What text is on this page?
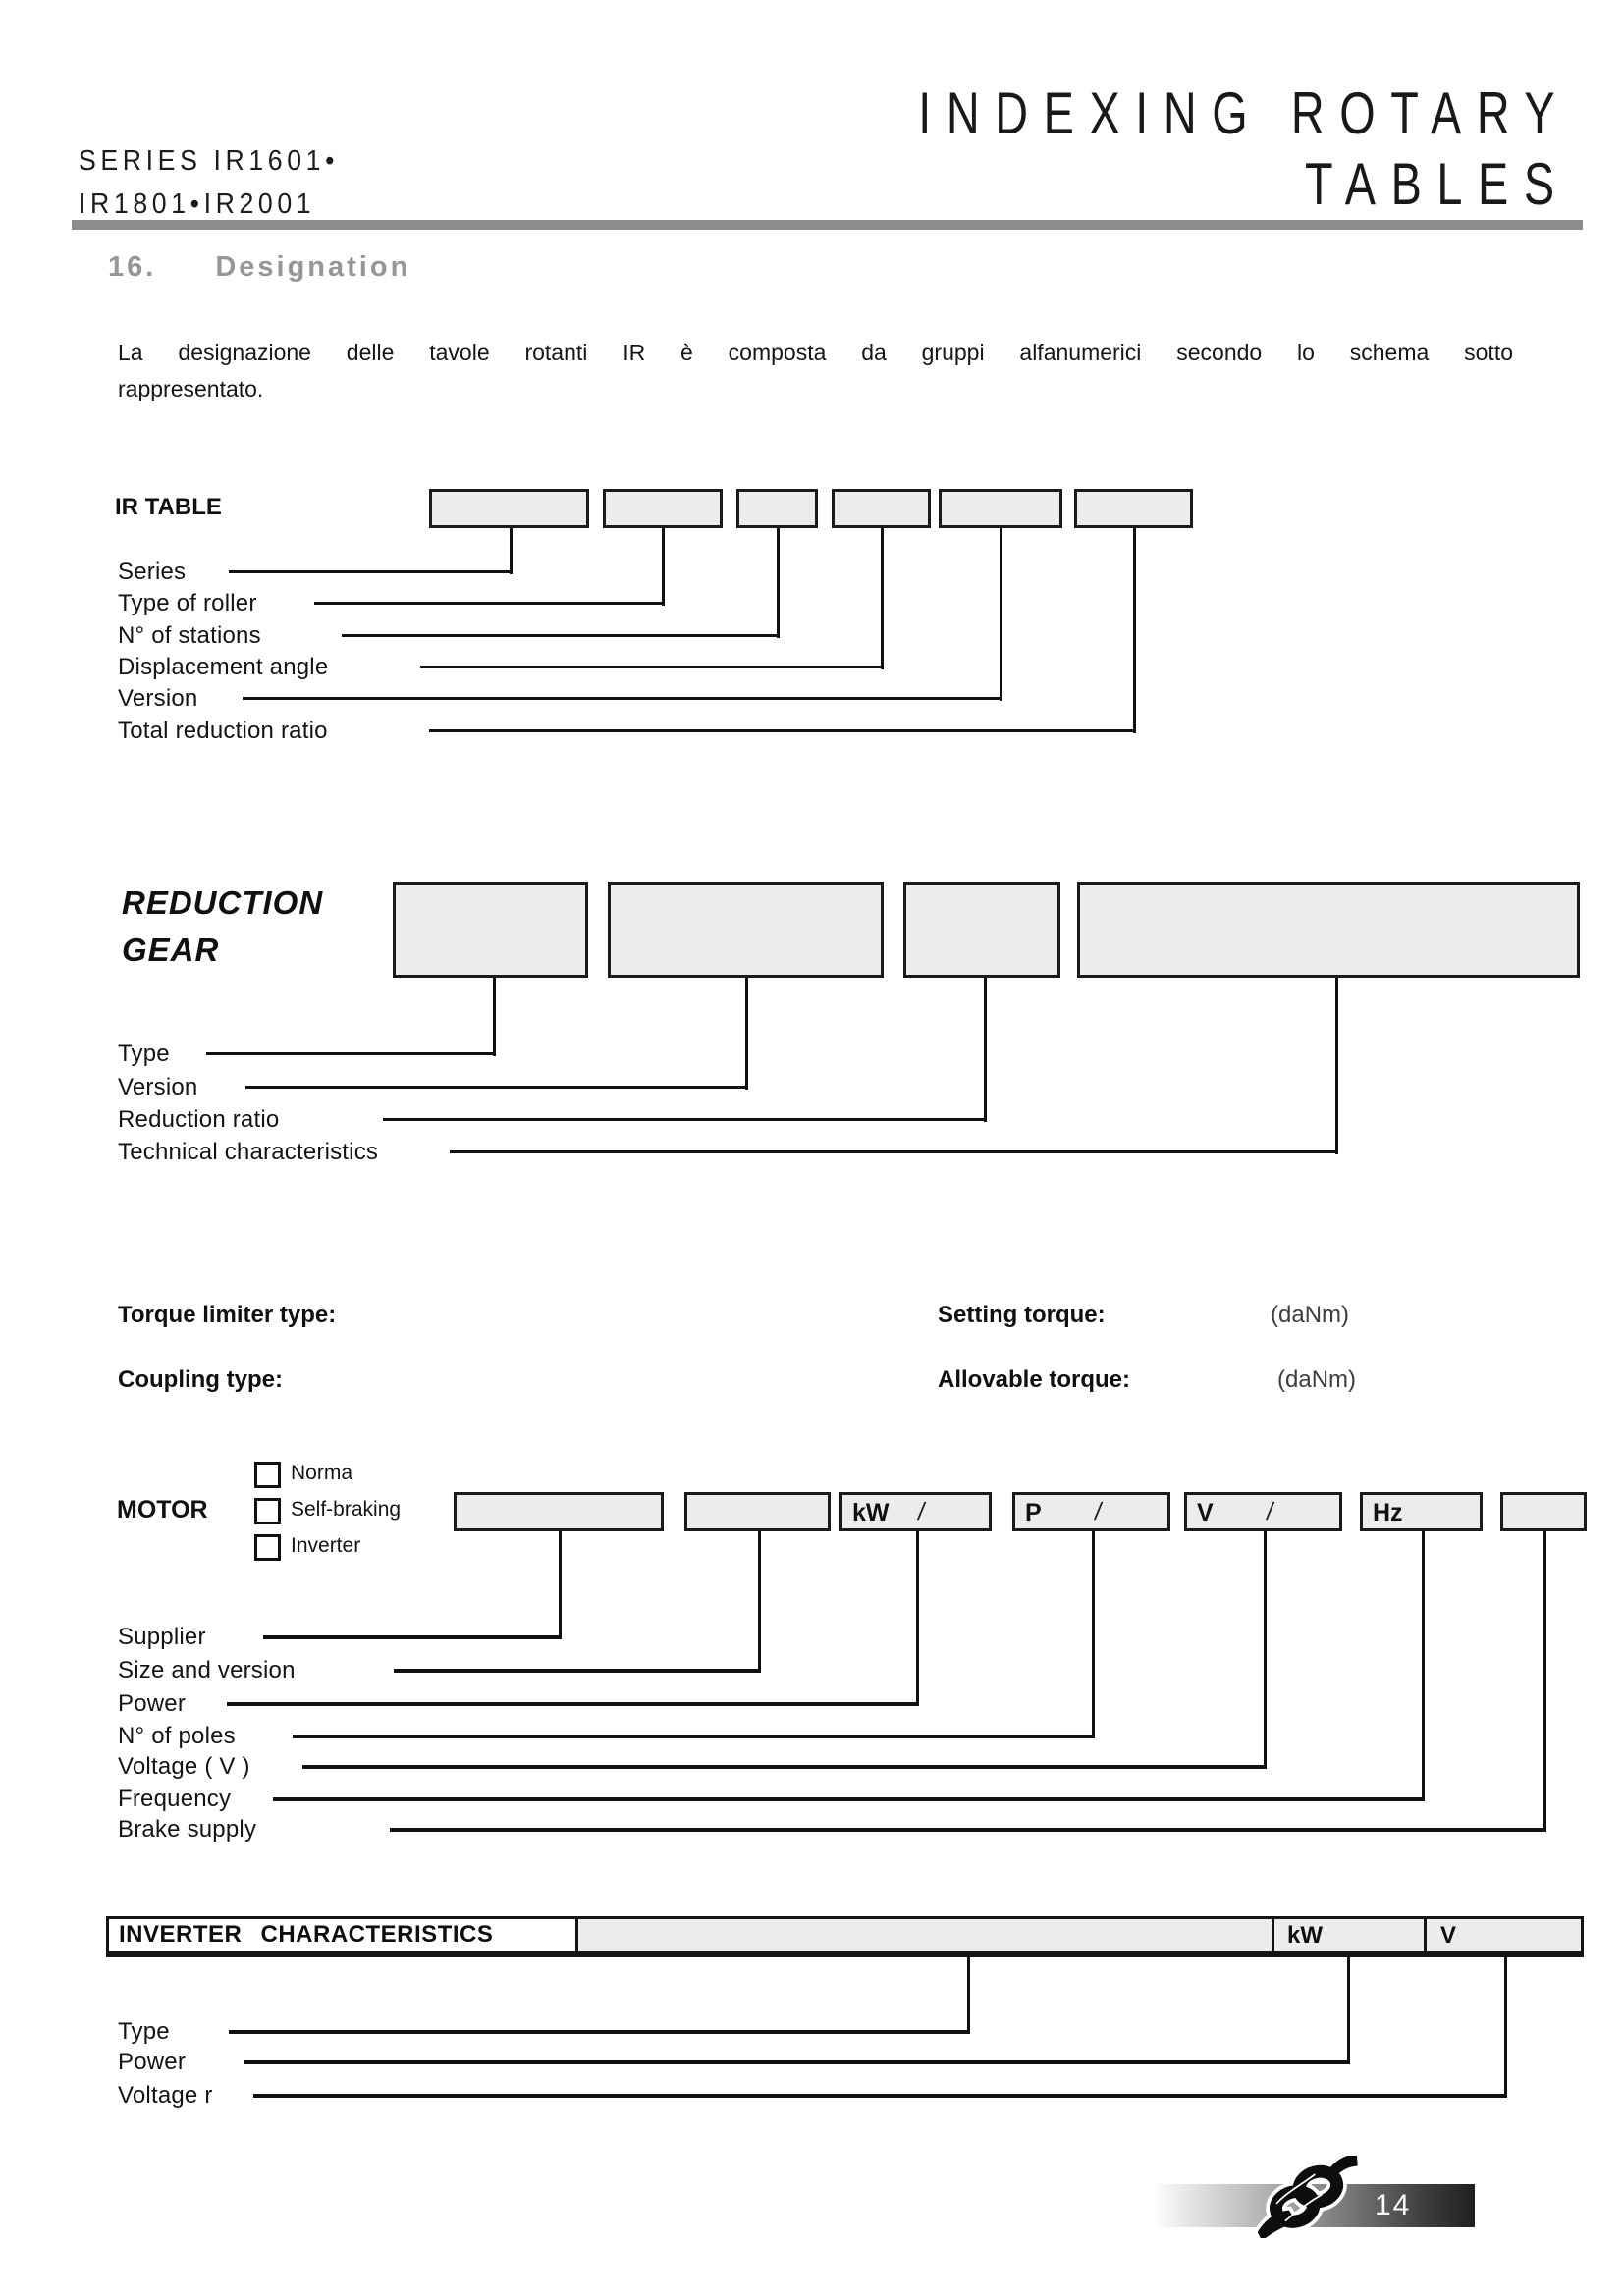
INDEXING ROTARY
TABLES
SERIES IR1601•
IR1801•IR2001
16. Designation
La designazione delle tavole rotanti IR è composta da gruppi alfanumerici secondo lo schema sotto
rappresentato.
IR TABLE
Series
Type of roller
N° of stations
Displacement angle
Version
Total reduction ratio
REDUCTION
GEAR
Type
Version
Reduction ratio
Technical characteristics
Torque limiter type:	Setting torque:	(daNm)
Coupling type:	Allovable torque:	(daNm)
MOTOR
Norma
Self-braking
Inverter
kW /	P /	V /	Hz
Supplier
Size and version
Power
N° of poles
Voltage ( V )
Frequency
Brake supply
INVERTER CHARACTERISTICS	kW	V
Type
Power
Voltage r
14
